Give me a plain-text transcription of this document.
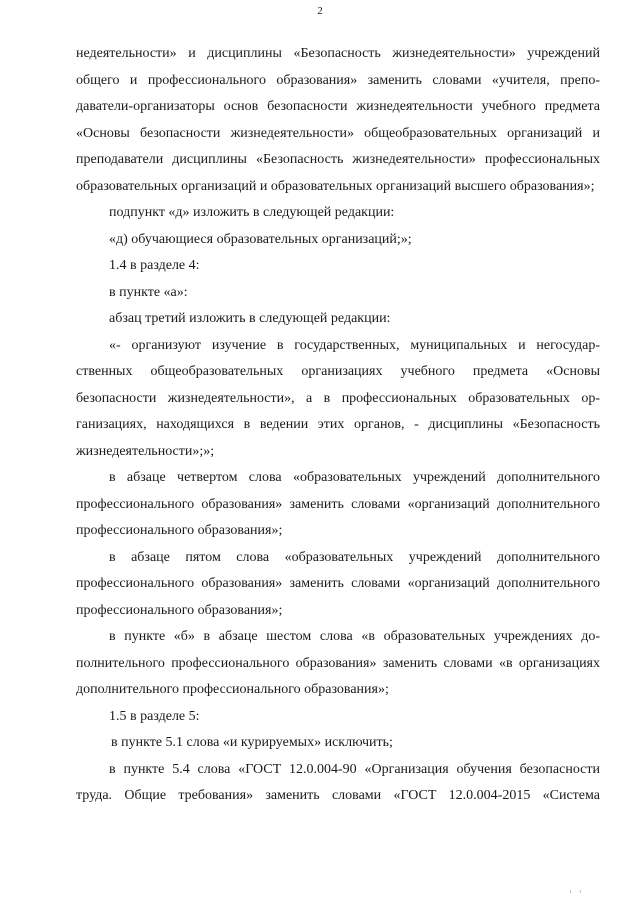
2

недеятельности» и дисциплины «Безопасность жизнедеятельности» учреждений общего и профессионального образования» заменить словами «учителя, преподаватели-организаторы основ безопасности жизнедеятельности учебного предмета «Основы безопасности жизнедеятельности» общеобразовательных организаций и преподаватели дисциплины «Безопасность жизнедеятельности» профессиональных образовательных организаций и образовательных организаций высшего образования»;

подпункт «д» изложить в следующей редакции:

«д) обучающиеся образовательных организаций;»;

1.4 в разделе 4:

в пункте «а»:

абзац третий изложить в следующей редакции:

«- организуют изучение в государственных, муниципальных и негосударственных общеобразовательных организациях учебного предмета «Основы безопасности жизнедеятельности», а в профессиональных образовательных организациях, находящихся в ведении этих органов, - дисциплины «Безопасность жизнедеятельности»;»;

в абзаце четвертом слова «образовательных учреждений дополнительного профессионального образования» заменить словами «организаций дополнительного профессионального образования»;

в абзаце пятом слова «образовательных учреждений дополнительного профессионального образования» заменить словами «организаций дополнительного профессионального образования»;

в пункте «б» в абзаце шестом слова «в образовательных учреждениях дополнительного профессионального образования» заменить словами «в организациях дополнительного профессионального образования»;

1.5 в разделе 5:

в пункте 5.1 слова «и курируемых» исключить;

в пункте 5.4 слова «ГОСТ 12.0.004-90 «Организация обучения безопасности труда. Общие требования» заменить словами «ГОСТ 12.0.004-2015 «Система

' '
